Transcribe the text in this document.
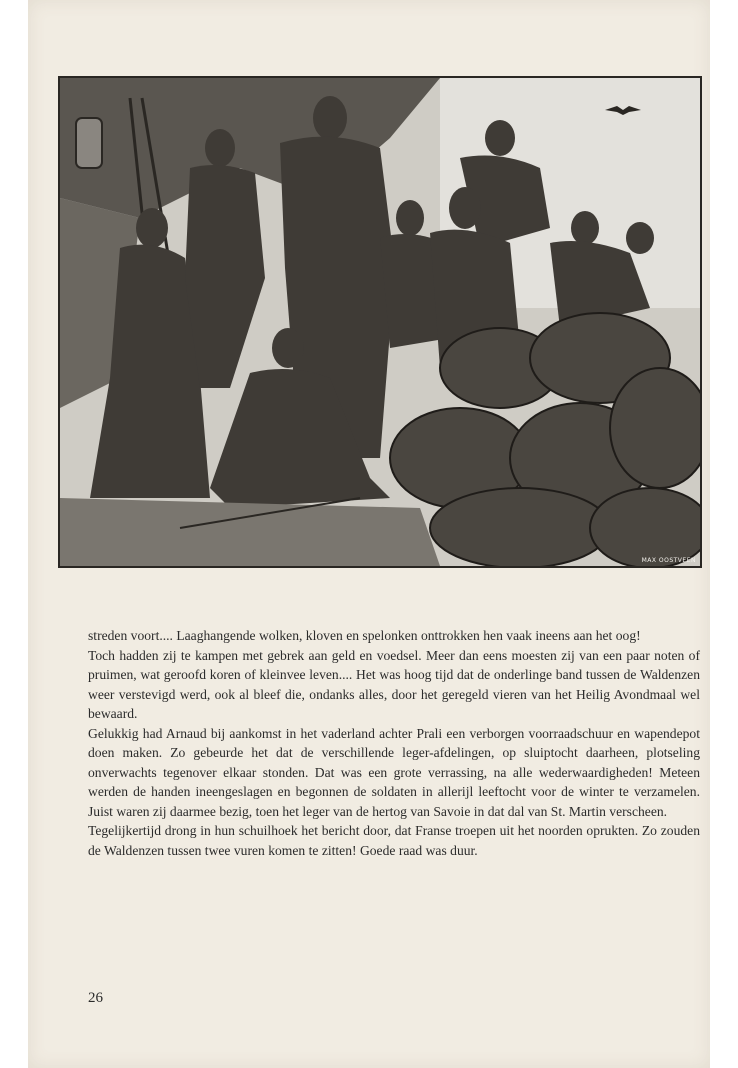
MAX OOSTVEEN

streden voort.... Laaghangende wolken, kloven en spelonken onttrokken hen vaak ineens aan het oog!

Toch hadden zij te kampen met gebrek aan geld en voedsel. Meer dan eens moesten zij van een paar noten of pruimen, wat geroofd koren of kleinvee leven.... Het was hoog tijd dat de onderlinge band tussen de Waldenzen weer verstevigd werd, ook al bleef die, ondanks alles, door het geregeld vieren van het Heilig Avondmaal wel bewaard.

Gelukkig had Arnaud bij aankomst in het vaderland achter Prali een verborgen voorraadschuur en wapendepot doen maken. Zo gebeurde het dat de verschillende leger-afdelingen, op sluiptocht daarheen, plotseling onverwachts tegenover elkaar stonden. Dat was een grote verrassing, na alle wederwaardigheden! Meteen werden de handen ineengeslagen en begonnen de soldaten in allerijl leeftocht voor de winter te verzamelen. Juist waren zij daarmee bezig, toen het leger van de hertog van Savoie in dat dal van St. Martin verscheen.

Tegelijkertijd drong in hun schuilhoek het bericht door, dat Franse troepen uit het noorden oprukten. Zo zouden de Waldenzen tussen twee vuren komen te zitten! Goede raad was duur.

26
